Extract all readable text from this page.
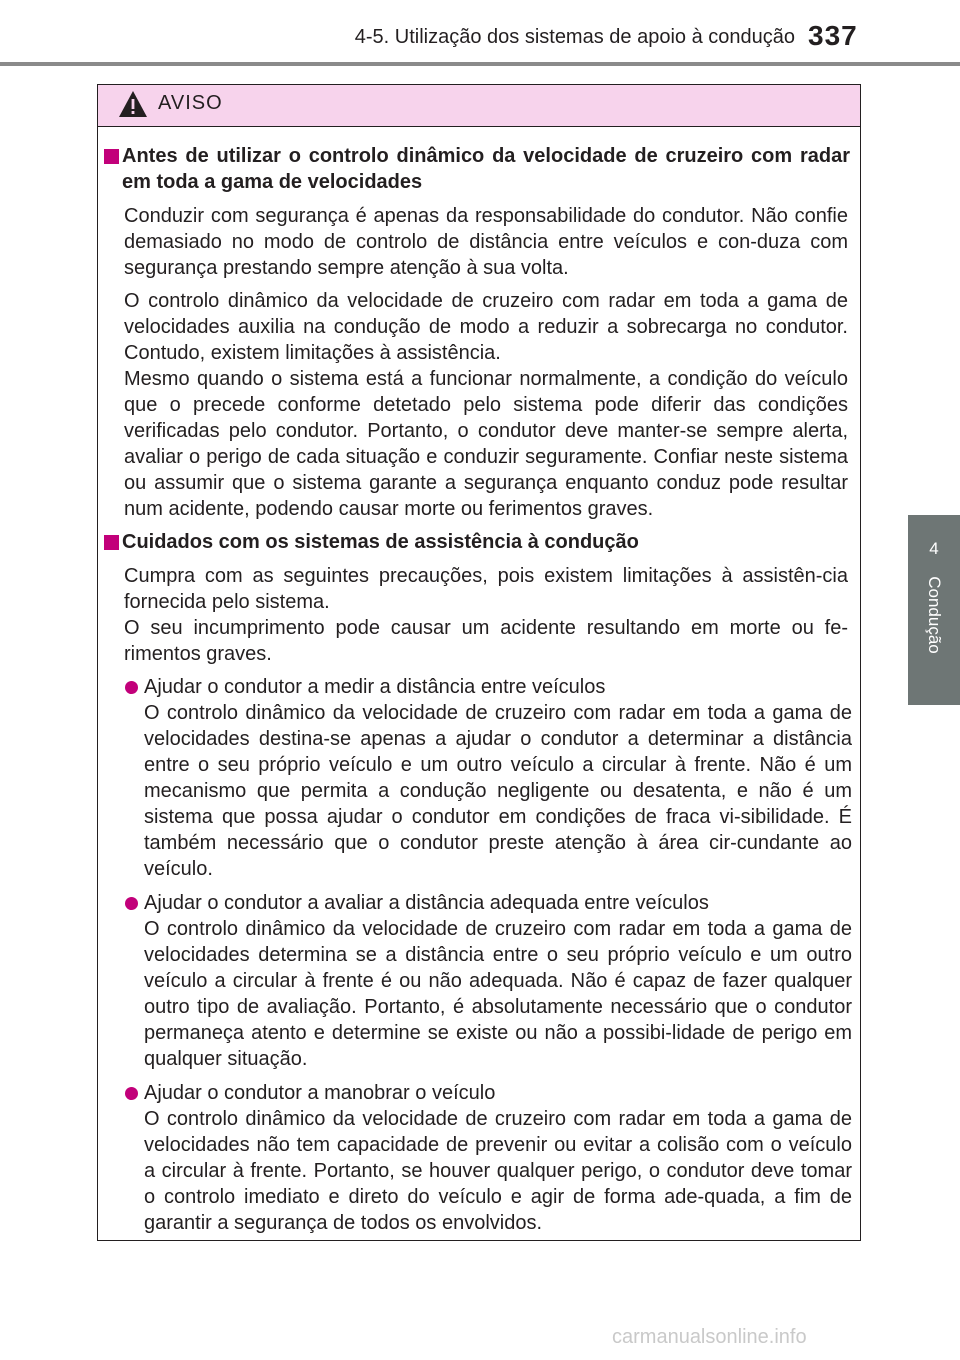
4-5. Utilização dos sistemas de apoio à condução 337
4
Condução
AVISO
Antes de utilizar o controlo dinâmico da velocidade de cruzeiro com radar em toda a gama de velocidades
Conduzir com segurança é apenas da responsabilidade do condutor. Não confie demasiado no modo de controlo de distância entre veículos e con-duza com segurança prestando sempre atenção à sua volta.
O controlo dinâmico da velocidade de cruzeiro com radar em toda a gama de velocidades auxilia na condução de modo a reduzir a sobrecarga no condutor. Contudo, existem limitações à assistência.
Mesmo quando o sistema está a funcionar normalmente, a condição do veículo que o precede conforme detetado pelo sistema pode diferir das condições verificadas pelo condutor. Portanto, o condutor deve manter-se sempre alerta, avaliar o perigo de cada situação e conduzir seguramente. Confiar neste sistema ou assumir que o sistema garante a segurança enquanto conduz pode resultar num acidente, podendo causar morte ou ferimentos graves.
Cuidados com os sistemas de assistência à condução
Cumpra com as seguintes precauções, pois existem limitações à assistên-cia fornecida pelo sistema.
O seu incumprimento pode causar um acidente resultando em morte ou fe-rimentos graves.
Ajudar o condutor a medir a distância entre veículos
O controlo dinâmico da velocidade de cruzeiro com radar em toda a gama de velocidades destina-se apenas a ajudar o condutor a determinar a distância entre o seu próprio veículo e um outro veículo a circular à frente. Não é um mecanismo que permita a condução negligente ou desatenta, e não é um sistema que possa ajudar o condutor em condições de fraca vi-sibilidade. É também necessário que o condutor preste atenção à área cir-cundante ao veículo.
Ajudar o condutor a avaliar a distância adequada entre veículos
O controlo dinâmico da velocidade de cruzeiro com radar em toda a gama de velocidades determina se a distância entre o seu próprio veículo e um outro veículo a circular à frente é ou não adequada. Não é capaz de fazer qualquer outro tipo de avaliação. Portanto, é absolutamente necessário que o condutor permaneça atento e determine se existe ou não a possibi-lidade de perigo em qualquer situação.
Ajudar o condutor a manobrar o veículo
O controlo dinâmico da velocidade de cruzeiro com radar em toda a gama de velocidades não tem capacidade de prevenir ou evitar a colisão com o veículo a circular à frente. Portanto, se houver qualquer perigo, o condutor deve tomar o controlo imediato e direto do veículo e agir de forma ade-quada, a fim de garantir a segurança de todos os envolvidos.
carmanualsonline.info
